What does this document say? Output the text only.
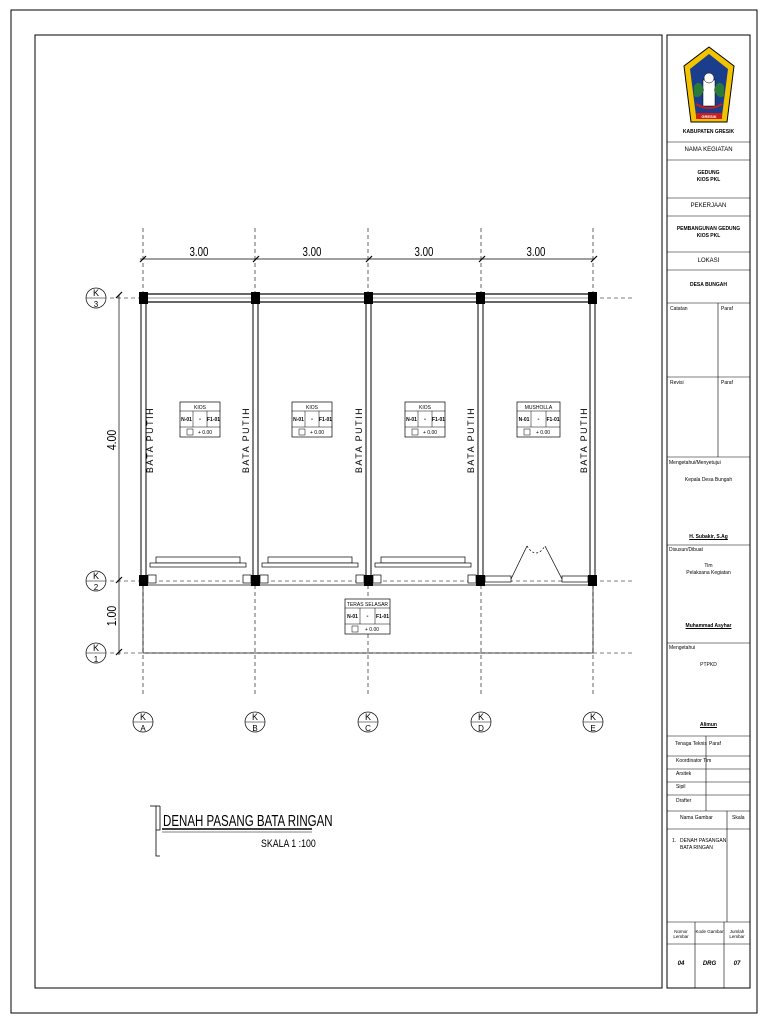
GRESIK
3.00	3.00	3.00	3.00
4.00
1.00
K
A
K
B
K
C
K
D
K
E
K
3
K
2
K
1
BATA PUTIH	BATA PUTIH	BATA PUTIH	BATA PUTIH	BATA PUTIH
KIOS
N-01 - F1-01
+ 0.00
KIOS
N-01 - F1-01
+ 0.00
KIOS
N-01 - F1-01
+ 0.00
MUSHOLLA
N-01 - F1-01
+ 0.00
TERAS SELASAR
N-01 - F1-01
+ 0.00
DENAH PASANG BATA RINGAN
SKALA 1 :100
KABUPATEN GRESIK
NAMA KEGIATAN
GEDUNG
KIOS PKL
PEKERJAAN
PEMBANGUNAN GEDUNG
KIOS PKL
LOKASI
DESA BUNGAH
Catatan	Paraf
Revisi	Paraf
Mengetahui/Menyetujui
Kepala Desa Bungah
H. Subakir, S.Ag
Disusun/Dibuat
Tim
Pelaksana Kegiatan
Muhammad Asyhar
Mengetahui
PTPKD
Alimun
Tenaga Teknis Paraf
Koordinator Tim
Arsitek
Sipil
Drafter
Nama Gambar	Skala
1. DENAH PASANGAN
BATA RINGAN
Nomor Lembar
Kode Gambar	Jumlah Lembar
04	DRG	07
